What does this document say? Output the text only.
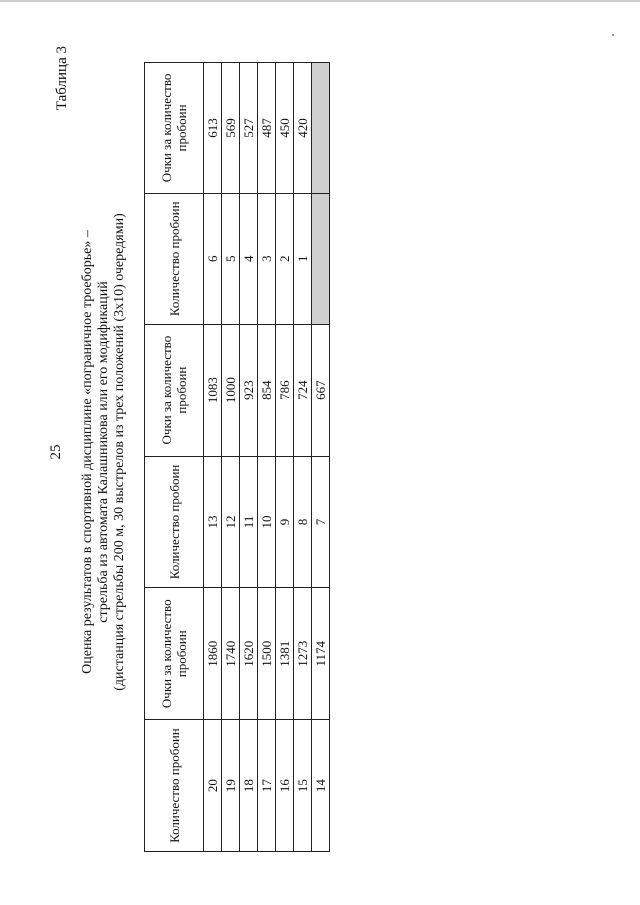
25
Таблица 3
Оценка результатов в спортивной дисциплине «пограничное троеборье» – стрельба из автомата Калашникова или его модификаций (дистанция стрельбы 200 м, 30 выстрелов из трех положений (3х10) очередями)
Количество пробоин	Очки за количество пробоин	Количество пробоин	Очки за количество пробоин	Количество пробоин	Очки за количество пробоин
20	1860	13	1083	6	613
19	1740	12	1000	5	569
18	1620	11	923	4	527
17	1500	10	854	3	487
16	1381	9	786	2	450
15	1273	8	724	1	420
14	1174	7	667		
